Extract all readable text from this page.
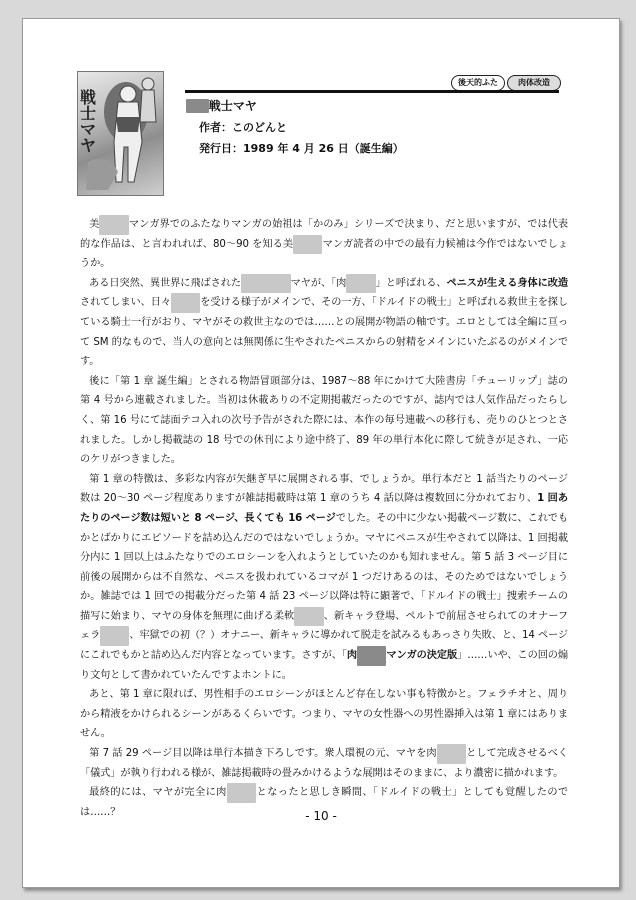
戦士マヤ
後天的ふた	肉体改造
戦士マヤ
作者：このどんと
発行日：1989 年 4 月 26 日（誕生編）

美	マンガ界でのふたなりマンガの始祖は「かのみ」シリーズで決まり、だと思いますが、では代表的な作品は、と言われれば、80〜90 を知る美	マンガ読者の中での最有力候補は今作ではないでしょうか。

ある日突然、異世界に飛ばされた	マヤが、「肉	」と呼ばれる、ペニスが生える身体に改造されてしまい、日々	を受ける様子がメインで、その一方、「ドルイドの戦士」と呼ばれる救世主を探している騎士一行がおり、マヤがその救世主なのでは……との展開が物語の軸です。エロとしては全編に亘って SM 的なもので、当人の意向とは無関係に生やされたペニスからの射精をメインにいたぶるのがメインです。

後に「第 1 章 誕生編」とされる物語冒頭部分は、1987〜88 年にかけて大陸書房「チューリップ」誌の第 4 号から連載されました。当初は休載ありの不定期掲載だったのですが、誌内では人気作品だったらしく、第 16 号にて誌面テコ入れの次号予告がされた際には、本作の毎号連載への移行も、売りのひとつとされました。しかし掲載誌の 18 号での休刊により途中終了、89 年の単行本化に際して続きが足され、一応のケリがつきました。

第 1 章の特徴は、多彩な内容が矢継ぎ早に展開される事、でしょうか。単行本だと 1 話当たりのページ数は 20〜30 ページ程度ありますが雑誌掲載時は第 1 章のうち 4 話以降は複数回に分かれており、1 回あたりのページ数は短いと 8 ページ、長くても 16 ページでした。その中に少ない掲載ページ数に、これでもかとばかりにエピソードを詰め込んだのではないでしょうか。マヤにペニスが生やされて以降は、1 回掲載分内に 1 回以上はふたなりでのエロシーンを入れようとしていたのかも知れません。第 5 話 3 ページ目に前後の展開からは不自然な、ペニスを扱われているコマが 1 つだけあるのは、そのためではないでしょうか。雑誌では 1 回での掲載分だった第 4 話 23 ページ以降は特に顕著で、「ドルイドの戦士」捜索チームの描写に始まり、マヤの身体を無理に曲げる柔軟	、新キャラ登場、ペルトで前屈させられてのオナーフェラ	、牢獄での初（？）オナニー、新キャラに導かれて脱走を試みるもあっさり失敗、と、14 ページにこれでもかと詰め込んだ内容となっています。さすが、「肉	マンガの決定版」……いや、この回の煽り文句として書かれていたんですよホントに。

あと、第 1 章に限れば、男性相手のエロシーンがほとんど存在しない事も特徴かと。フェラチオと、周りから精液をかけられるシーンがあるくらいです。つまり、マヤの女性器への男性器挿入は第 1 章にはありません。

第 7 話 29 ページ目以降は単行本描き下ろしです。衆人環視の元、マヤを肉	として完成させるべく「儀式」が執り行われる様が、雑誌掲載時の畳みかけるような展開はそのままに、より濃密に描かれます。

最終的には、マヤが完全に肉	となったと思しき瞬間、「ドルイドの戦士」としても覚醒したのでは……？	- 10 -
